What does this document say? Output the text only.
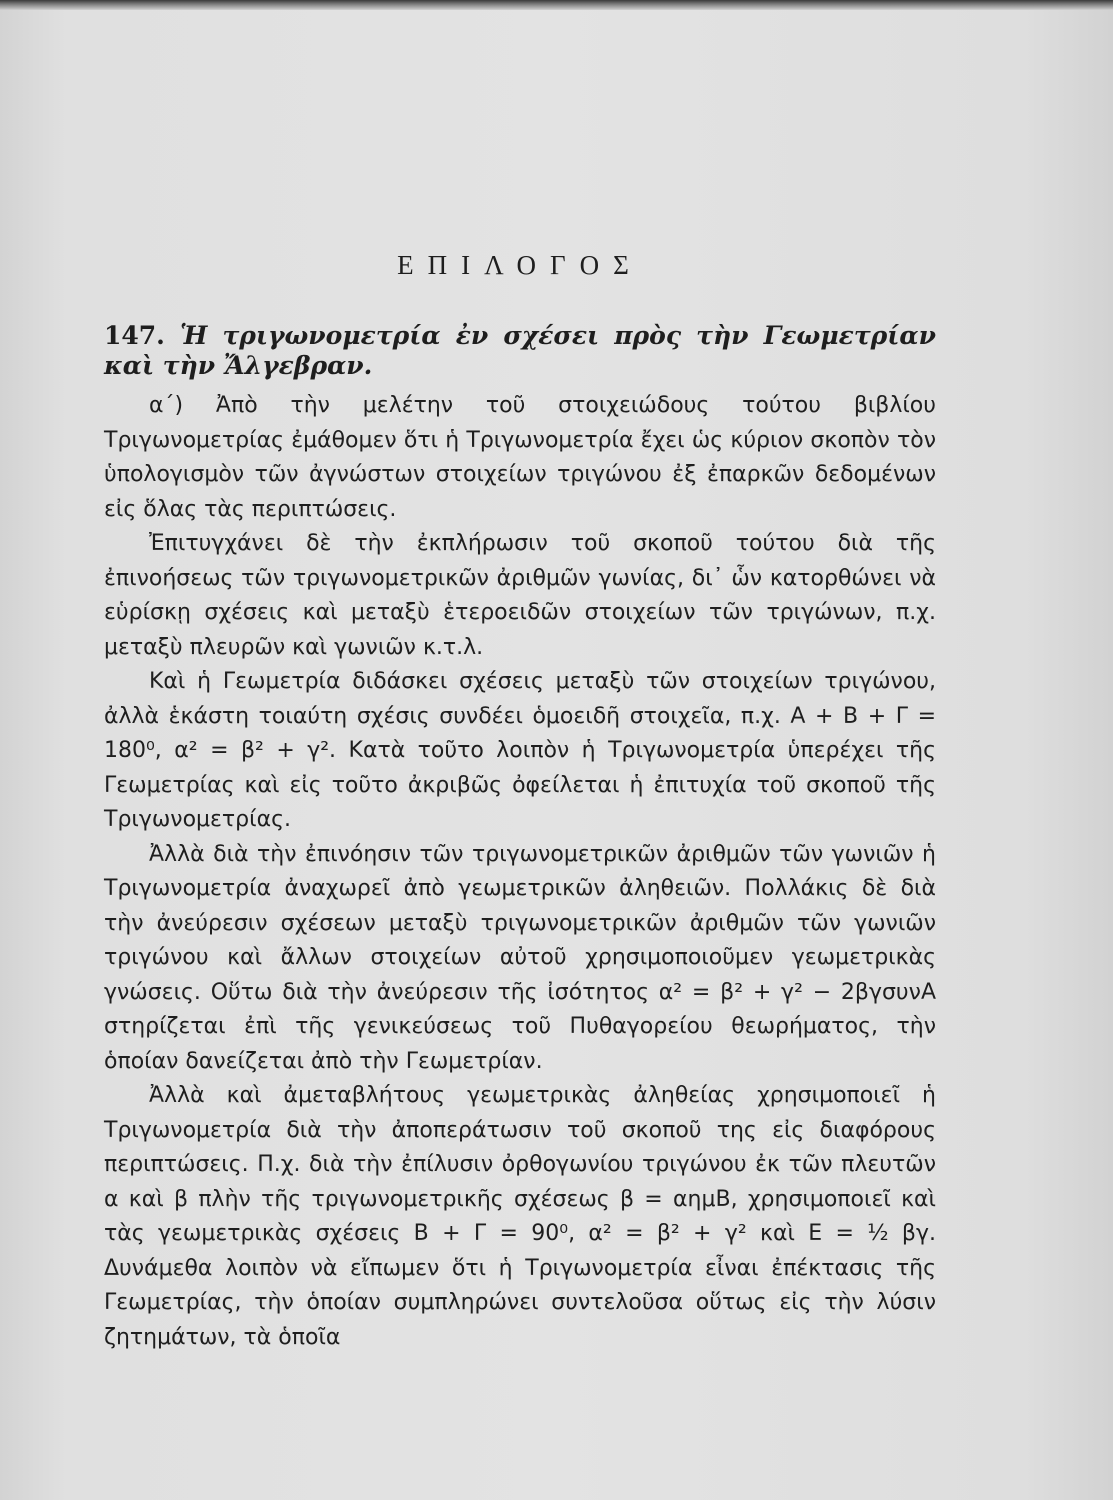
ΕΠΙΛΟΓΟΣ
147. Ἡ τριγωνομετρία ἐν σχέσει πρὸς τὴν Γεωμετρίαν καὶ τὴν Ἄλγεβραν.

α΄) Ἀπὸ τὴν μελέτην τοῦ στοιχειώδους τούτου βιβλίου Τριγωνομετρίας ἐμάθομεν ὅτι ἡ Τριγωνομετρία ἔχει ὡς κύριον σκοπὸν τὸν ὑπολογισμὸν τῶν ἀγνώστων στοιχείων τριγώνου ἐξ ἐπαρκῶν δεδομένων εἰς ὅλας τὰς περιπτώσεις.

Ἐπιτυγχάνει δὲ τὴν ἐκπλήρωσιν τοῦ σκοποῦ τούτου διὰ τῆς ἐπινοήσεως τῶν τριγωνομετρικῶν ἀριθμῶν γωνίας, δι᾽ ὧν κατορθώνει νὰ εὑρίσκῃ σχέσεις καὶ μεταξὺ ἑτεροειδῶν στοιχείων τῶν τριγώνων, π.χ. μεταξὺ πλευρῶν καὶ γωνιῶν κ.τ.λ.

Καὶ ἡ Γεωμετρία διδάσκει σχέσεις μεταξὺ τῶν στοιχείων τριγώνου, ἀλλὰ ἑκάστη τοιαύτη σχέσις συνδέει ὁμοειδῆ στοιχεῖα, π.χ. Α + Β + Γ = 180⁰, α² = β² + γ². Κατὰ τοῦτο λοιπὸν ἡ Τριγωνομετρία ὑπερέχει τῆς Γεωμετρίας καὶ εἰς τοῦτο ἀκριβῶς ὀφείλεται ἡ ἐπιτυχία τοῦ σκοποῦ τῆς Τριγωνομετρίας.

Ἀλλὰ διὰ τὴν ἐπινόησιν τῶν τριγωνομετρικῶν ἀριθμῶν τῶν γωνιῶν ἡ Τριγωνομετρία ἀναχωρεῖ ἀπὸ γεωμετρικῶν ἀληθειῶν. Πολλάκις δὲ διὰ τὴν ἀνεύρεσιν σχέσεων μεταξὺ τριγωνομετρικῶν ἀριθμῶν τῶν γωνιῶν τριγώνου καὶ ἄλλων στοιχείων αὐτοῦ χρησιμοποιοῦμεν γεωμετρικὰς γνώσεις. Οὕτω διὰ τὴν ἀνεύρεσιν τῆς ἰσότητος α² = β² + γ² − 2βγσυνΑ στηρίζεται ἐπὶ τῆς γενικεύσεως τοῦ Πυθαγορείου θεωρήματος, τὴν ὁποίαν δανείζεται ἀπὸ τὴν Γεωμετρίαν.

Ἀλλὰ καὶ ἀμεταβλήτους γεωμετρικὰς ἀληθείας χρησιμοποιεῖ ἡ Τριγωνομετρία διὰ τὴν ἀποπεράτωσιν τοῦ σκοποῦ της εἰς διαφόρους περιπτώσεις. Π.χ. διὰ τὴν ἐπίλυσιν ὀρθογωνίου τριγώνου ἐκ τῶν πλευτῶν α καὶ β πλὴν τῆς τριγωνομετρικῆς σχέσεως β = αημΒ, χρησιμοποιεῖ καὶ τὰς γεωμετρικὰς σχέσεις Β + Γ = 90⁰, α² = β² + γ² καὶ Ε = ½ βγ. Δυνάμεθα λοιπὸν νὰ εἴπωμεν ὅτι ἡ Τριγωνομετρία εἶναι ἐπέκτασις τῆς Γεωμετρίας, τὴν ὁποίαν συμπληρώνει συντελοῦσα οὕτως εἰς τὴν λύσιν ζητημάτων, τὰ ὁποῖα
